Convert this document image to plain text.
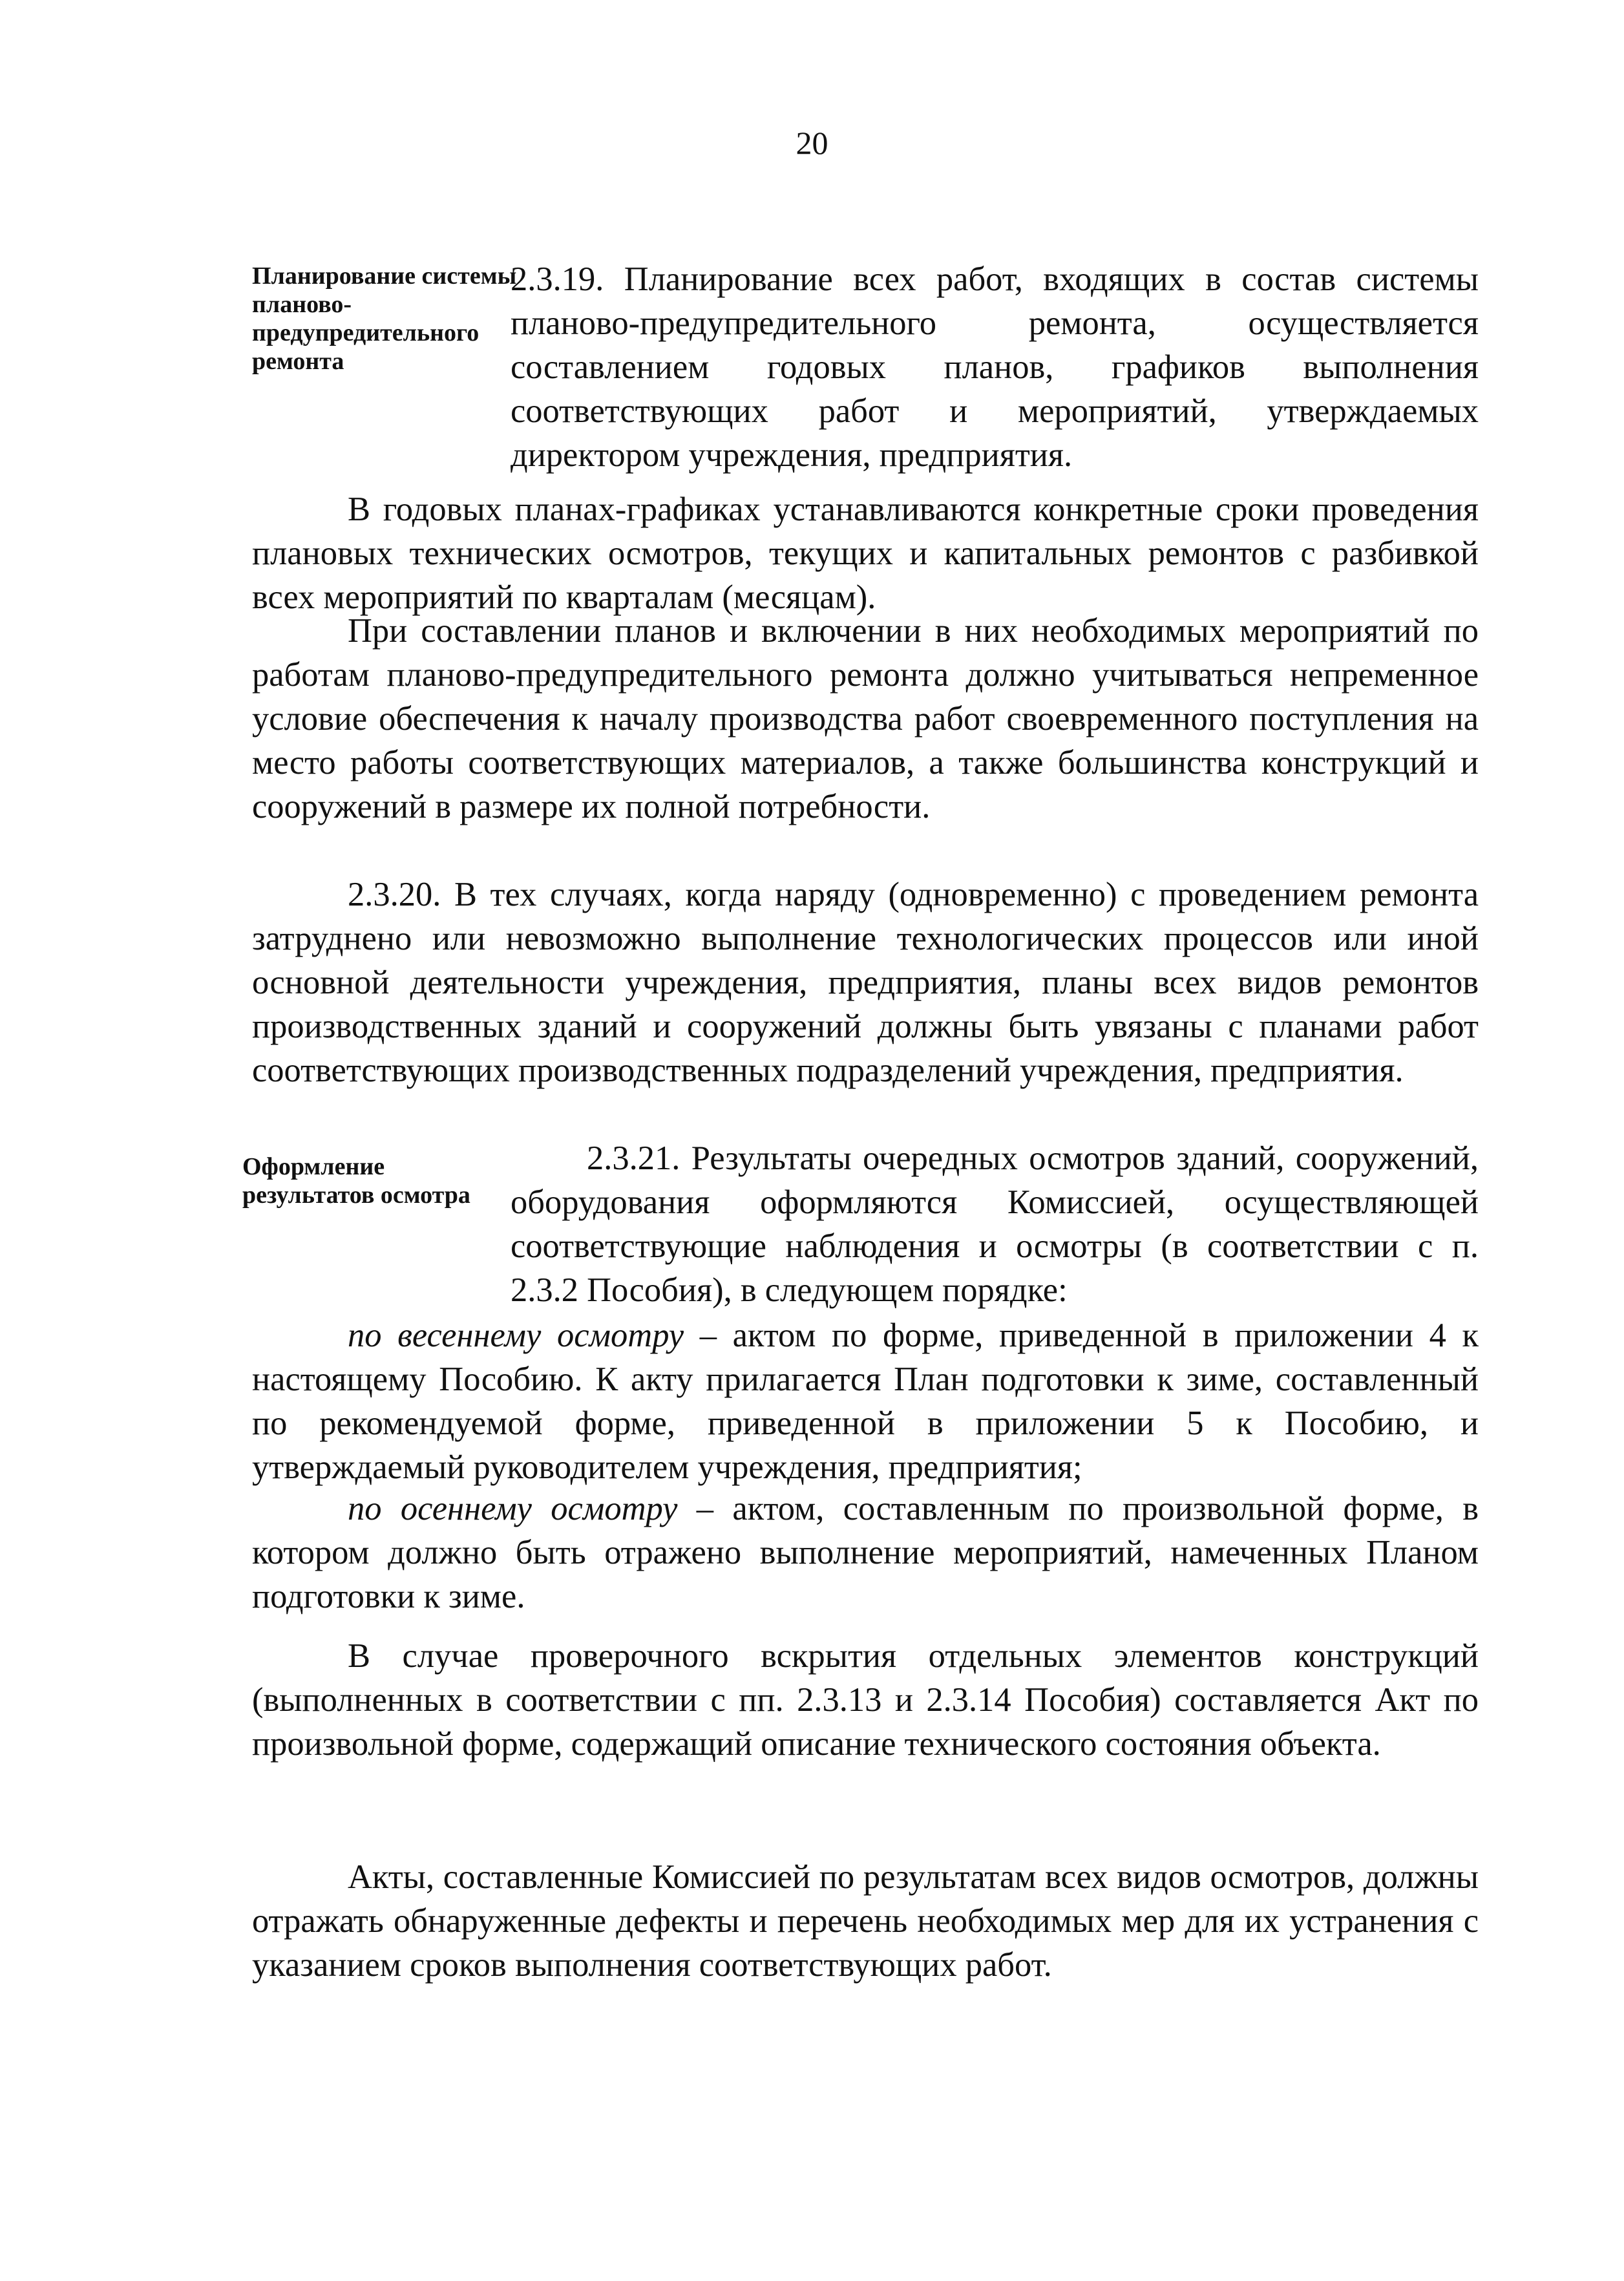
20
Планирование системы планово-предупредительного ремонта
Оформление результатов осмотра

2.3.19. Планирование всех работ, входящих в состав системы планово-предупредительного ремонта, осуществляется составлением годовых планов, графиков выполнения соответствующих работ и мероприятий, утверждаемых директором учреждения, предприятия.

В годовых планах-графиках устанавливаются конкретные сроки проведения плановых технических осмотров, текущих и капитальных ремонтов с разбивкой всех мероприятий по кварталам (месяцам).

При составлении планов и включении в них необходимых мероприятий по работам планово-предупредительного ремонта должно учитываться непременное условие обеспечения к началу производства работ своевременного поступления на место работы соответствующих материалов, а также большинства конструкций и сооружений в размере их полной потребности.

2.3.20. В тех случаях, когда наряду (одновременно) с проведением ремонта затруднено или невозможно выполнение технологических процессов или иной основной деятельности учреждения, предприятия, планы всех видов ремонтов производственных зданий и сооружений должны быть увязаны с планами работ соответствующих производственных подразделений учреждения, предприятия.

2.3.21. Результаты очередных осмотров зданий, сооружений, оборудования оформляются Комиссией, осуществляющей соответствующие наблюдения и осмотры (в соответствии с п. 2.3.2 Пособия), в следующем порядке:

по весеннему осмотру – актом по форме, приведенной в приложении 4 к настоящему Пособию. К акту прилагается План подготовки к зиме, составленный по рекомендуемой форме, приведенной в приложении 5 к Пособию, и утверждаемый руководителем учреждения, предприятия;

по осеннему осмотру – актом, составленным по произвольной форме, в котором должно быть отражено выполнение мероприятий, намеченных Планом подготовки к зиме.

В случае проверочного вскрытия отдельных элементов конструкций (выполненных в соответствии с пп. 2.3.13 и 2.3.14 Пособия) составляется Акт по произвольной форме, содержащий описание технического состояния объекта.

Акты, составленные Комиссией по результатам всех видов осмотров, должны отражать обнаруженные дефекты и перечень необходимых мер для их устранения с указанием сроков выполнения соответствующих работ.
